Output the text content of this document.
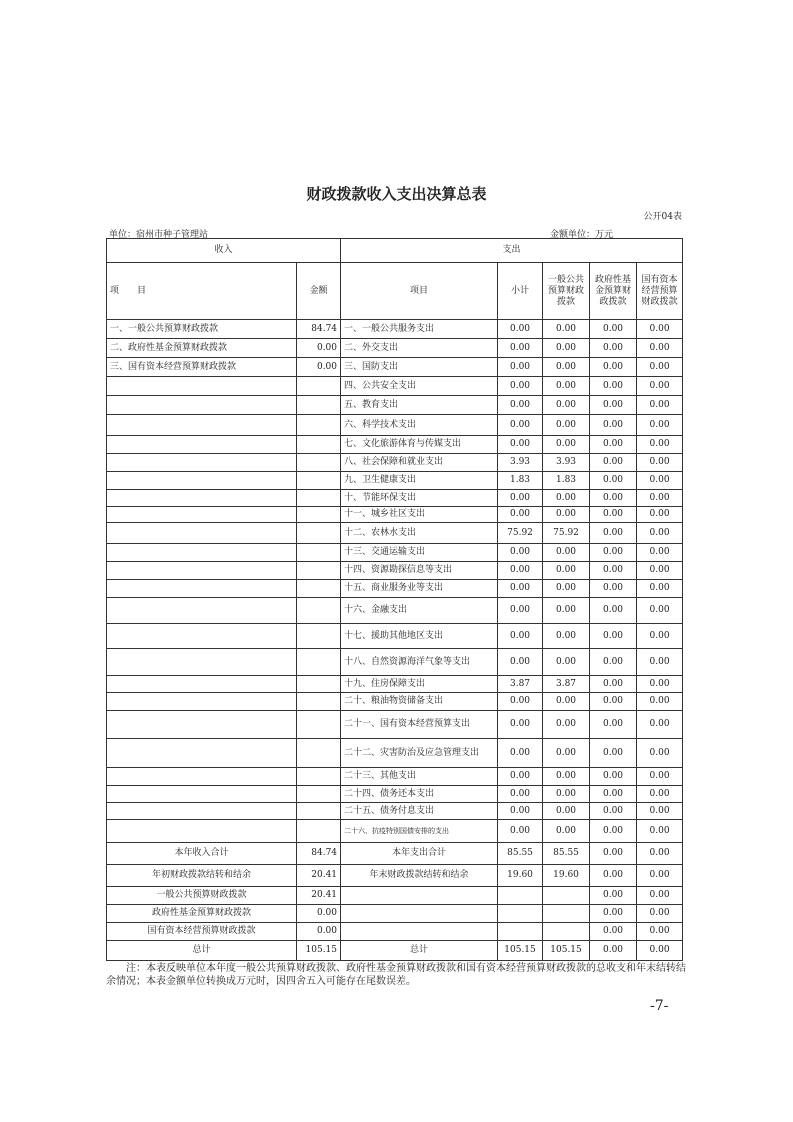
财政拨款收入支出决算总表
公开04表
单位：宿州市种子管理站	金额单位：万元
收入		支出				
项　　目	金额	项目	小计	一般公共预算财政拨款	政府性基金预算财政拨款	国有资本经营预算财政拨款
一、一般公共预算财政拨款	84.74	一、一般公共服务支出	0.00	0.00	0.00	0.00
二、政府性基金预算财政拨款	0.00	二、外交支出	0.00	0.00	0.00	0.00
三、国有资本经营预算财政拨款	0.00	三、国防支出	0.00	0.00	0.00	0.00
		四、公共安全支出	0.00	0.00	0.00	0.00
		五、教育支出	0.00	0.00	0.00	0.00
		六、科学技术支出	0.00	0.00	0.00	0.00
		七、文化旅游体育与传媒支出	0.00	0.00	0.00	0.00
		八、社会保障和就业支出	3.93	3.93	0.00	0.00
		九、卫生健康支出	1.83	1.83	0.00	0.00
		十、节能环保支出	0.00	0.00	0.00	0.00
		十一、城乡社区支出	0.00	0.00	0.00	0.00
		十二、农林水支出	75.92	75.92	0.00	0.00
		十三、交通运输支出	0.00	0.00	0.00	0.00
		十四、资源勘探信息等支出	0.00	0.00	0.00	0.00
		十五、商业服务业等支出	0.00	0.00	0.00	0.00
		十六、金融支出	0.00	0.00	0.00	0.00
		十七、援助其他地区支出	0.00	0.00	0.00	0.00
		十八、自然资源海洋气象等支出	0.00	0.00	0.00	0.00
		十九、住房保障支出	3.87	3.87	0.00	0.00
		二十、粮油物资储备支出	0.00	0.00	0.00	0.00
		二十一、国有资本经营预算支出	0.00	0.00	0.00	0.00
		二十二、灾害防治及应急管理支出	0.00	0.00	0.00	0.00
		二十三、其他支出	0.00	0.00	0.00	0.00
		二十四、债务还本支出	0.00	0.00	0.00	0.00
		二十五、债务付息支出	0.00	0.00	0.00	0.00
		二十六、抗疫特别国债安排的支出	0.00	0.00	0.00	0.00
本年收入合计	84.74	本年支出合计	85.55	85.55	0.00	0.00
年初财政拨款结转和结余	20.41	年末财政拨款结转和结余	19.60	19.60	0.00	0.00
一般公共预算财政拨款	20.41				0.00	0.00
政府性基金预算财政拨款	0.00				0.00	0.00
国有资本经营预算财政拨款	0.00				0.00	0.00
总计	105.15	总计	105.15	105.15	0.00	0.00
注：本表反映单位本年度一般公共预算财政拨款、政府性基金预算财政拨款和国有资本经营预算财政拨款的总收支和年末结转结余情况；本表金额单位转换成万元时，因四舍五入可能存在尾数误差。
-7-
